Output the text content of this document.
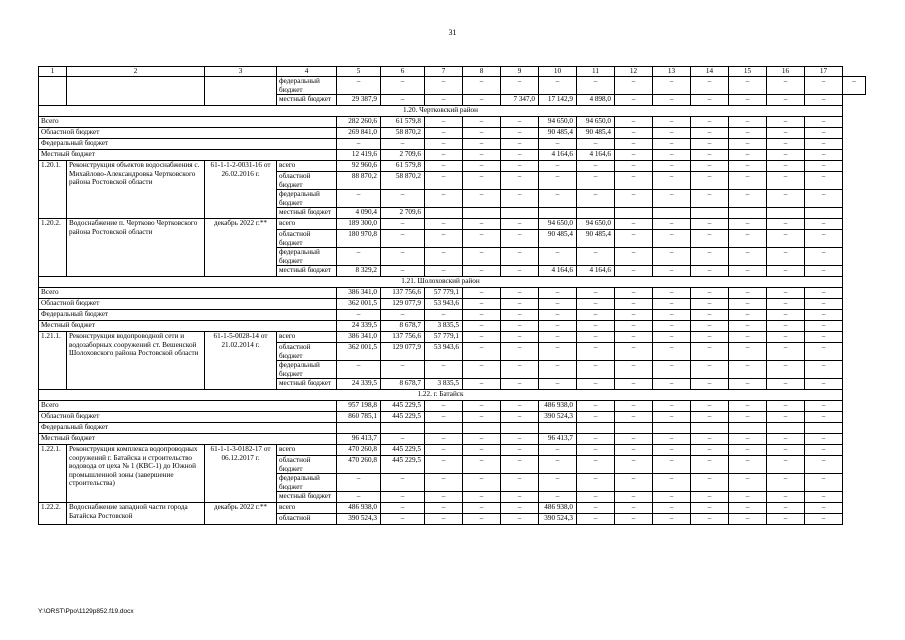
31
1	2	3	4	5	6	7	8	9	10	11	12	13	14	15	16	17	
			федеральный бюджет	–	–	–	–	–	–	–	–	–	–	–	–	–	–
			местный бюджет	29 387,9	–	–	–	7 347,0	17 142,9	4 898,0	–	–	–	–	–	–	
1.20. Чертковский район																	
Всего				282 260,6	61 579,8	–	–	–	94 650,0	94 650,0	–	–	–	–	–	–	
Областной бюджет				269 841,0	58 870,2	–	–	–	90 485,4	90 485,4	–	–	–	–	–	–	
Федеральный бюджет				–	–	–	–	–	–	–	–	–	–	–	–	–	
Местный бюджет				12 419,6	2 709,6	–	–	–	4 164,6	4 164,6	–	–	–	–	–	–	
1.20.1.	Реконструкция объектов водоснабжения с. Михайлово-Александровка Чертковского района Ростовской области	61-1-1-2-0031-16 от 26.02.2016 г.	всего	92 960,6	61 579,8	–	–	–	–	–	–	–	–	–	–	–	
			областной бюджет	88 870,2	58 870,2	–	–	–	–	–	–	–	–	–	–	–	
			федеральный бюджет	–	–	–	–	–	–	–	–	–	–	–	–	–	
			местный бюджет	4 090,4	2 709,6												
1.20.2.	Водоснабжение п. Чертково Чертковского района Ростовской области	декабрь 2022 г.**	всего	189 300,0	–	–	–	–	94 650,0	94 650,0	–	–	–	–	–	–	
			областной бюджет	180 970,8	–	–	–	–	90 485,4	90 485,4	–	–	–	–	–	–	
			федеральный бюджет	–	–	–	–	–	–	–	–	–	–	–	–	–	
			местный бюджет	8 329,2	–	–	–	–	4 164,6	4 164,6	–	–	–	–	–	–	
1.21. Шолоховский район																	
Всего				386 341,0	137 756,6	57 779,1	–	–	–	–	–	–	–	–	–	–	
Областной бюджет				362 001,5	129 077,9	53 943,6	–	–	–	–	–	–	–	–	–	–	
Федеральный бюджет				–	–	–	–	–	–	–	–	–	–	–	–	–	
Местный бюджет				24 339,5	8 678,7	3 835,5	–	–	–	–	–	–	–	–	–	–	
1.21.1.	Реконструкция водопроводной сети и водозаборных сооружений ст. Вешенской Шолоховского района Ростовской области	61-1-5-0028-14 от 21.02.2014 г.	всего	386 341,0	137 756,6	57 779,1	–	–	–	–	–	–	–	–	–	–	
			областной бюджет	362 001,5	129 077,9	53 943,6	–	–	–	–	–	–	–	–	–	–	
			федеральный бюджет	–	–	–	–	–	–	–	–	–	–	–	–	–	
			местный бюджет	24 339,5	8 678,7	3 835,5	–	–	–	–	–	–	–	–	–	–	
1.22. г. Батайск																	
Всего				957 198,8	445 229,5	–	–	–	486 938,0	–	–	–	–	–	–	–	
Областной бюджет				860 785,1	445 229,5	–	–	–	390 524,3	–	–	–	–	–	–	–	
Федеральный бюджет																	
Местный бюджет				96 413,7	–	–	–	–	96 413,7	–	–	–	–	–	–	–	
1.22.1.	Реконструкция комплекса водопроводных сооружений г. Батайска и строительство водовода от цеха № 1 (КВС-1) до Южной промышленной зоны (завершение строительства)	61-1-1-3-0182-17 от 06.12.2017 г.	всего	470 260,8	445 229,5	–	–	–	–	–	–	–	–	–	–	–	
			областной бюджет	470 260,8	445 229,5	–	–	–	–	–	–	–	–	–	–	–	
			федеральный бюджет	–	–	–	–	–	–	–	–	–	–	–	–	–	
			местный бюджет	–	–	–	–	–	–	–	–	–	–	–	–	–	
1.22.2.	Водоснабжение западной части города Батайска Ростовской	декабрь 2022 г.**	всего	486 938,0	–	–	–	–	486 938,0	–	–	–	–	–	–	–	
			областной	390 524,3	–	–	–	–	390 524,3	–	–	–	–	–	–	–	
Y:\ORST\Ppo\1129p852.f19.docx
